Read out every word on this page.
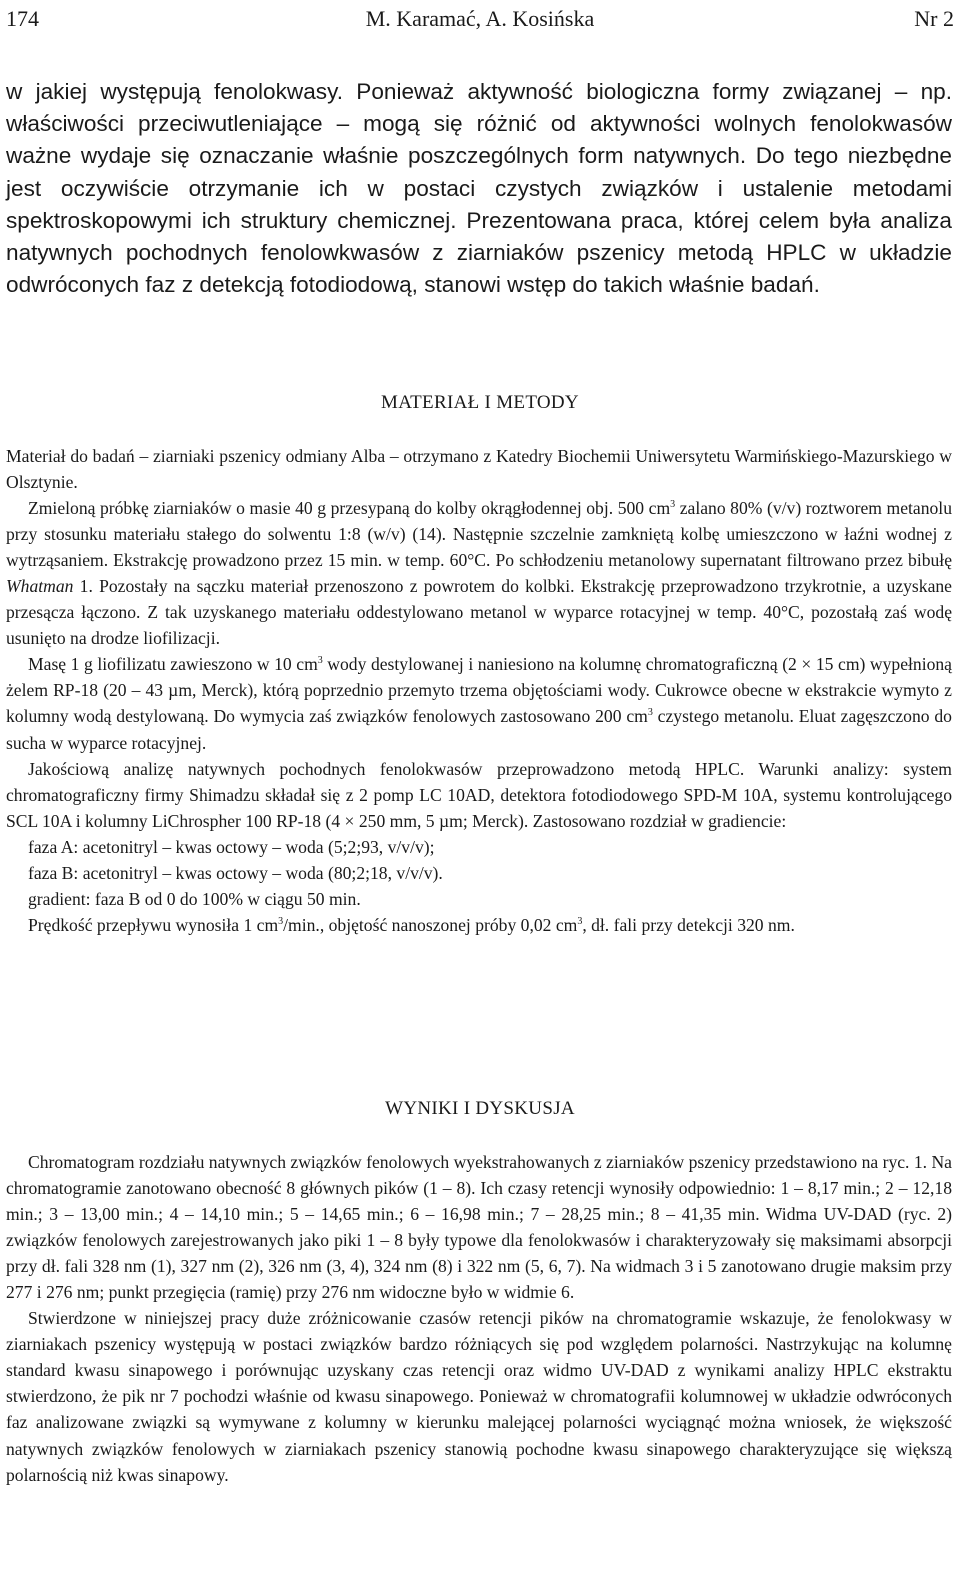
174	M. Karamać, A. Kosińska	Nr 2

w jakiej występują fenolokwasy. Ponieważ aktywność biologiczna formy związanej – np. właściwości przeciwutleniające – mogą się różnić od aktywności wolnych fenolokwasów ważne wydaje się oznaczanie właśnie poszczególnych form natywnych. Do tego niezbędne jest oczywiście otrzymanie ich w postaci czystych związków i ustalenie metodami spektroskopowymi ich struktury chemicznej. Prezentowana praca, której celem była analiza natywnych pochodnych fenolowkwasów z ziarniaków pszenicy metodą HPLC w układzie odwróconych faz z detekcją fotodiodową, stanowi wstęp do takich właśnie badań.

MATERIAŁ I METODY

Materiał do badań – ziarniaki pszenicy odmiany Alba – otrzymano z Katedry Biochemii Uniwersytetu Warmińskiego-Mazurskiego w Olsztynie.

Zmieloną próbkę ziarniaków o masie 40 g przesypaną do kolby okrągłodennej obj. 500 $cm^3$ zalano 80% (v/v) roztworem metanolu przy stosunku materiału stałego do solwentu 1:8 (w/v) (14). Następnie szczelnie zamkniętą kolbę umieszczono w łaźni wodnej z wytrząsaniem. Ekstrakcję prowadzono przez 15 min. w temp. 60°C. Po schłodzeniu metanolowy supernatant filtrowano przez bibułę Whatman 1. Pozostały na sączku materiał przenoszono z powrotem do kolbki. Ekstrakcję przeprowadzono trzykrotnie, a uzyskane przesącza łączono. Z tak uzyskanego materiału oddestylowano metanol w wyparce rotacyjnej w temp. 40°C, pozostałą zaś wodę usunięto na drodze liofilizacji.

Masę 1 g liofilizatu zawieszono w 10 $cm^3$ wody destylowanej i naniesiono na kolumnę chromatograficzną (2 × 15 cm) wypełnioną żelem RP-18 (20 – 43 µm, Merck), którą poprzednio przemyto trzema objętościami wody. Cukrowce obecne w ekstrakcie wymyto z kolumny wodą destylowaną. Do wymycia zaś związków fenolowych zastosowano 200 $cm^3$ czystego metanolu. Eluat zagęszczono do sucha w wyparce rotacyjnej.

Jakościową analizę natywnych pochodnych fenolokwasów przeprowadzono metodą HPLC. Warunki analizy: system chromatograficzny firmy Shimadzu składał się z 2 pomp LC 10AD, detektora fotodiodowego SPD-M 10A, systemu kontrolującego SCL 10A i kolumny LiChrospher 100 RP-18 (4 × 250 mm, 5 µm; Merck). Zastosowano rozdział w gradiencie:

faza A: acetonitryl – kwas octowy – woda (5;2;93, v/v/v);

faza B: acetonitryl – kwas octowy – woda (80;2;18, v/v/v).

gradient: faza B od 0 do 100% w ciągu 50 min.

Prędkość przepływu wynosiła 1 $cm^3/\min$., objętość nanoszonej próby 0,02 $cm^3$, dł. fali przy detekcji 320 nm.

WYNIKI I DYSKUSJA

Chromatogram rozdziału natywnych związków fenolowych wyekstrahowanych z ziarniaków pszenicy przedstawiono na ryc. 1. Na chromatogramie zanotowano obecność 8 głównych pików (1 – 8). Ich czasy retencji wynosiły odpowiednio: 1 – 8,17 min.; 2 – 12,18 min.; 3 – 13,00 min.; 4 – 14,10 min.; 5 – 14,65 min.; 6 – 16,98 min.; 7 – 28,25 min.; 8 – 41,35 min. Widma UV-DAD (ryc. 2) związków fenolowych zarejestrowanych jako piki 1 – 8 były typowe dla fenolokwasów i charakteryzowały się maksimami absorpcji przy dł. fali 328 nm (1), 327 nm (2), 326 nm (3, 4), 324 nm (8) i 322 nm (5, 6, 7). Na widmach 3 i 5 zanotowano drugie maksim przy 277 i 276 nm; punkt przegięcia (ramię) przy 276 nm widoczne było w widmie 6.

Stwierdzone w niniejszej pracy duże zróżnicowanie czasów retencji pików na chromatogramie wskazuje, że fenolokwasy w ziarniakach pszenicy występują w postaci związków bardzo różniących się pod względem polarności. Nastrzykując na kolumnę standard kwasu sinapowego i porównując uzyskany czas retencji oraz widmo UV-DAD z wynikami analizy HPLC ekstraktu stwierdzono, że pik nr 7 pochodzi właśnie od kwasu sinapowego. Ponieważ w chromatografii kolumnowej w układzie odwróconych faz analizowane związki są wymywane z kolumny w kierunku malejącej polarności wyciągnąć można wniosek, że większość natywnych związków fenolowych w ziarniakach pszenicy stanowią pochodne kwasu sinapowego charakteryzujące się większą polarnością niż kwas sinapowy.
